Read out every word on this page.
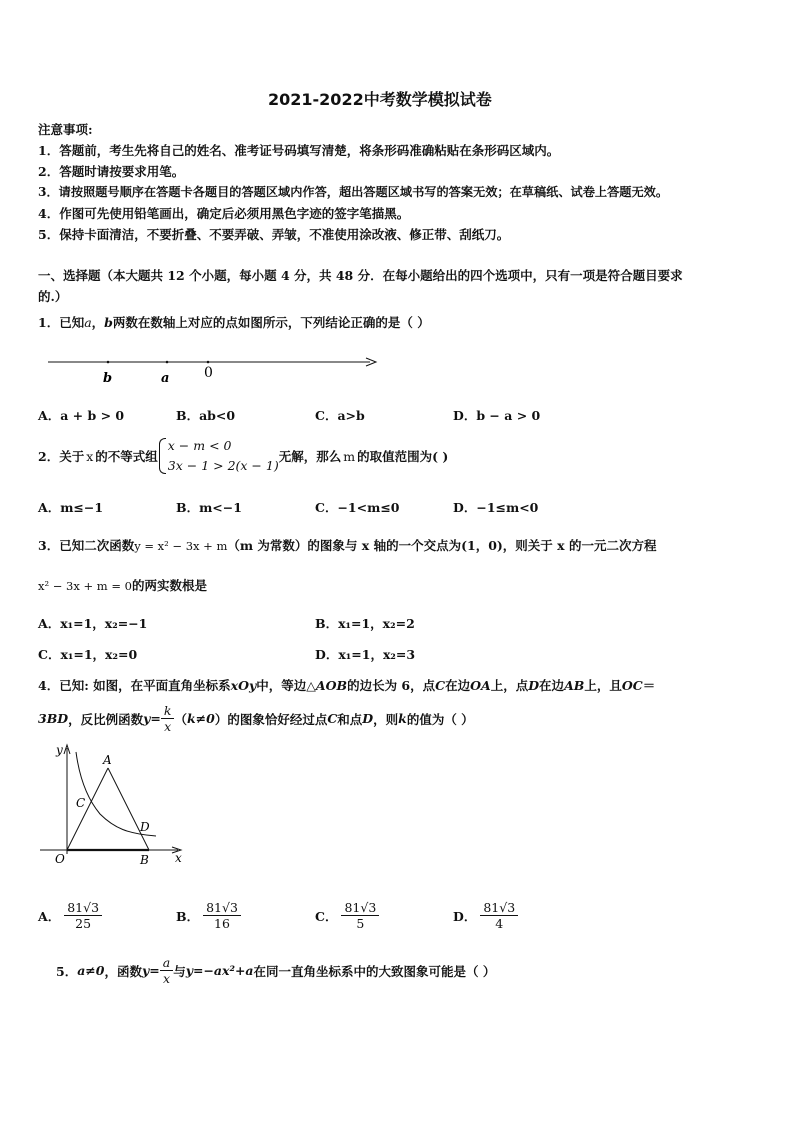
2021-2022中考数学模拟试卷
注意事项:
1．答题前，考生先将自己的姓名、准考证号码填写清楚，将条形码准确粘贴在条形码区域内。
2．答题时请按要求用笔。
3．请按照题号顺序在答题卡各题目的答题区域内作答，超出答题区域书写的答案无效；在草稿纸、试卷上答题无效。
4．作图可先使用铅笔画出，确定后必须用黑色字迹的签字笔描黑。
5．保持卡面清洁，不要折叠、不要弄破、弄皱，不准使用涂改液、修正带、刮纸刀。
一、选择题（本大题共 12 个小题，每小题 4 分，共 48 分．在每小题给出的四个选项中，只有一项是符合题目要求
的.）
1．已知a，b两数在数轴上对应的点如图所示，下列结论正确的是（ ）
b	a 0
A．a + b > 0	B．ab<0	C．a>b	D．b − a > 0
2．关于 x 的不等式组
x − m < 0
3x − 1 > 2(x − 1)
无解，那么 m 的取值范围为( )
A．m≤−1	B．m<−1	C．−1<m≤0	D．−1≤m<0
3．已知二次函数y = x² − 3x + m（m 为常数）的图象与 x 轴的一个交点为(1，0)，则关于 x 的一元二次方程
x² − 3x + m = 0的两实数根是
A．x₁=1，x₂=−1	B．x₁=1，x₂=2
C．x₁=1，x₂=0	D．x₁=1，x₂=3
4．已知: 如图，在平面直角坐标系xOy中，等边△AOB的边长为 6，点C在边OA上，点D在边AB上，且OC＝
3BD ，反比例函数 $y = \frac{k}{x}$ （ k≠0 ）的图象恰好经过点 C 和点 D ，则 k 的值为（ ）
y
x
O
A
B
C
D
A． $\frac{81√3}{25}$	B． $\frac{81√3}{16}$	C． $\frac{81√3}{5}$	D． $\frac{81√3}{4}$
5． a≠0 ，函数 $y = \frac{a}{x}$ 与 y=−ax²+a 在同一直角坐标系中的大致图象可能是（ ）
